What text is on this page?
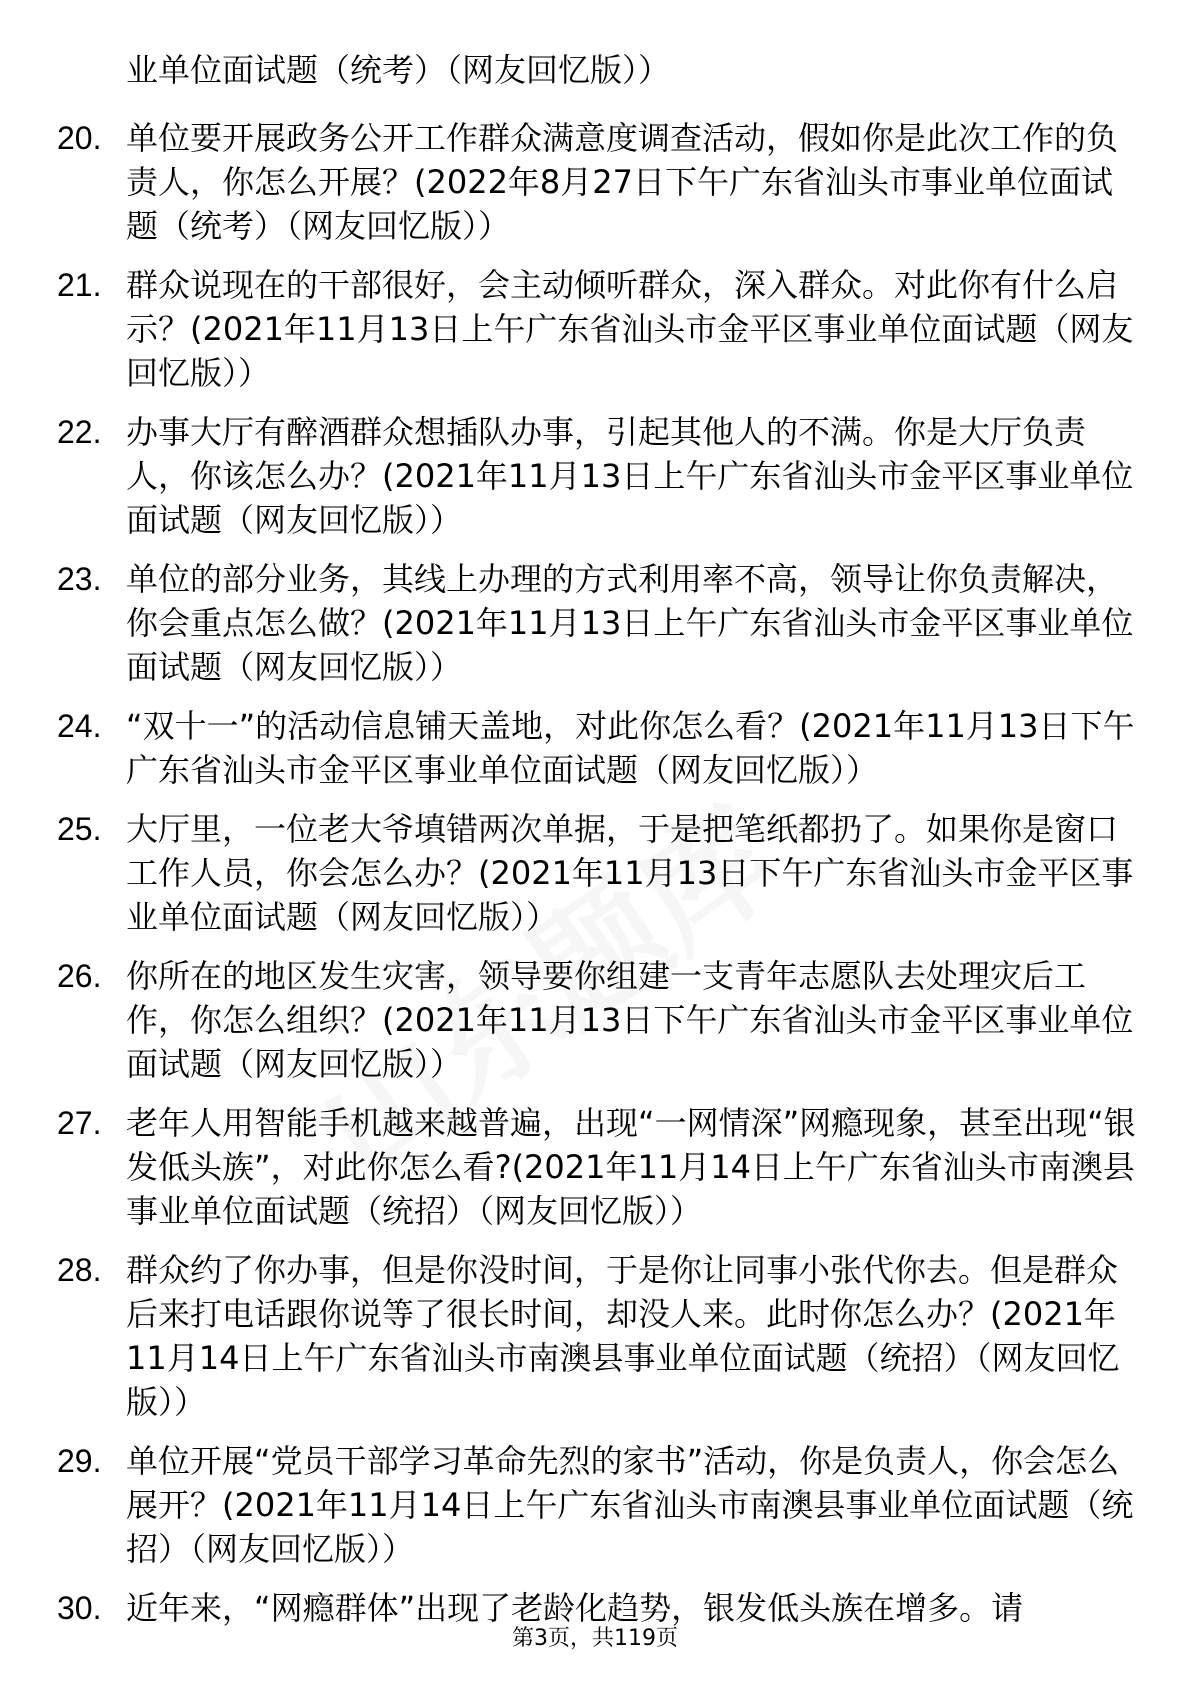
业单位面试题（统考）（网友回忆版））
20. 单位要开展政务公开工作群众满意度调查活动，假如你是此次工作的负责人，你怎么开展？(2022年8月27日下午广东省汕头市事业单位面试题（统考）（网友回忆版））
21. 群众说现在的干部很好，会主动倾听群众，深入群众。对此你有什么启示？(2021年11月13日上午广东省汕头市金平区事业单位面试题（网友回忆版））
22. 办事大厅有醉酒群众想插队办事，引起其他人的不满。你是大厅负责人，你该怎么办？(2021年11月13日上午广东省汕头市金平区事业单位面试题（网友回忆版））
23. 单位的部分业务，其线上办理的方式利用率不高，领导让你负责解决，你会重点怎么做？(2021年11月13日上午广东省汕头市金平区事业单位面试题（网友回忆版））
24. “双十一”的活动信息铺天盖地，对此你怎么看？(2021年11月13日下午广东省汕头市金平区事业单位面试题（网友回忆版））
25. 大厅里，一位老大爷填错两次单据，于是把笔纸都扔了。如果你是窗口工作人员，你会怎么办？(2021年11月13日下午广东省汕头市金平区事业单位面试题（网友回忆版））
26. 你所在的地区发生灾害，领导要你组建一支青年志愿队去处理灾后工作，你怎么组织？(2021年11月13日下午广东省汕头市金平区事业单位面试题（网友回忆版））
27. 老年人用智能手机越来越普遍，出现“一网情深”网瘾现象，甚至出现“银发低头族”，对此你怎么看?(2021年11月14日上午广东省汕头市南澳县事业单位面试题（统招）（网友回忆版））
28. 群众约了你办事，但是你没时间，于是你让同事小张代你去。但是群众后来打电话跟你说等了很长时间，却没人来。此时你怎么办？(2021年11月14日上午广东省汕头市南澳县事业单位面试题（统招）（网友回忆版））
29. 单位开展“党员干部学习革命先烈的家书”活动，你是负责人，你会怎么展开？(2021年11月14日上午广东省汕头市南澳县事业单位面试题（统招）（网友回忆版））
30. 近年来，“网瘾群体”出现了老龄化趋势，银发低头族在增多。请
第3页，共119页
